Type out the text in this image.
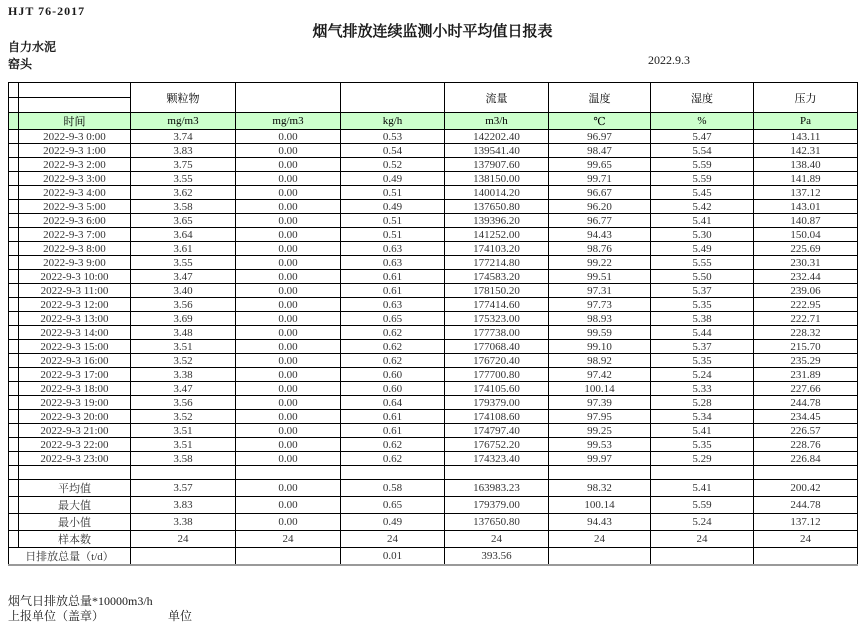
HJT 76-2017
烟气排放连续监测小时平均值日报表
自力水泥
窑头	2022.9.3
		颗粒物			流量	温度	湿度	压力

	时间	mg/m3	mg/m3	kg/h	m3/h	℃	%	Pa
	2022-9-3 0:00	3.74	0.00	0.53	142202.40	96.97	5.47	143.11
	2022-9-3 1:00	3.83	0.00	0.54	139541.40	98.47	5.54	142.31
	2022-9-3 2:00	3.75	0.00	0.52	137907.60	99.65	5.59	138.40
	2022-9-3 3:00	3.55	0.00	0.49	138150.00	99.71	5.59	141.89
	2022-9-3 4:00	3.62	0.00	0.51	140014.20	96.67	5.45	137.12
	2022-9-3 5:00	3.58	0.00	0.49	137650.80	96.20	5.42	143.01
	2022-9-3 6:00	3.65	0.00	0.51	139396.20	96.77	5.41	140.87
	2022-9-3 7:00	3.64	0.00	0.51	141252.00	94.43	5.30	150.04
	2022-9-3 8:00	3.61	0.00	0.63	174103.20	98.76	5.49	225.69
	2022-9-3 9:00	3.55	0.00	0.63	177214.80	99.22	5.55	230.31
	2022-9-3 10:00	3.47	0.00	0.61	174583.20	99.51	5.50	232.44
	2022-9-3 11:00	3.40	0.00	0.61	178150.20	97.31	5.37	239.06
	2022-9-3 12:00	3.56	0.00	0.63	177414.60	97.73	5.35	222.95
	2022-9-3 13:00	3.69	0.00	0.65	175323.00	98.93	5.38	222.71
	2022-9-3 14:00	3.48	0.00	0.62	177738.00	99.59	5.44	228.32
	2022-9-3 15:00	3.51	0.00	0.62	177068.40	99.10	5.37	215.70
	2022-9-3 16:00	3.52	0.00	0.62	176720.40	98.92	5.35	235.29
	2022-9-3 17:00	3.38	0.00	0.60	177700.80	97.42	5.24	231.89
	2022-9-3 18:00	3.47	0.00	0.60	174105.60	100.14	5.33	227.66
	2022-9-3 19:00	3.56	0.00	0.64	179379.00	97.39	5.28	244.78
	2022-9-3 20:00	3.52	0.00	0.61	174108.60	97.95	5.34	234.45
	2022-9-3 21:00	3.51	0.00	0.61	174797.40	99.25	5.41	226.57
	2022-9-3 22:00	3.51	0.00	0.62	176752.20	99.53	5.35	228.76
	2022-9-3 23:00	3.58	0.00	0.62	174323.40	99.97	5.29	226.84

	平均值	3.57	0.00	0.58	163983.23	98.32	5.41	200.42
	最大值	3.83	0.00	0.65	179379.00	100.14	5.59	244.78
	最小值	3.38	0.00	0.49	137650.80	94.43	5.24	137.12
	样本数	24	24	24	24	24	24	24
日排放总量（t/d）				0.01	393.56			
烟气日排放总量*10000m3/h
上报单位（盖章）	单位
